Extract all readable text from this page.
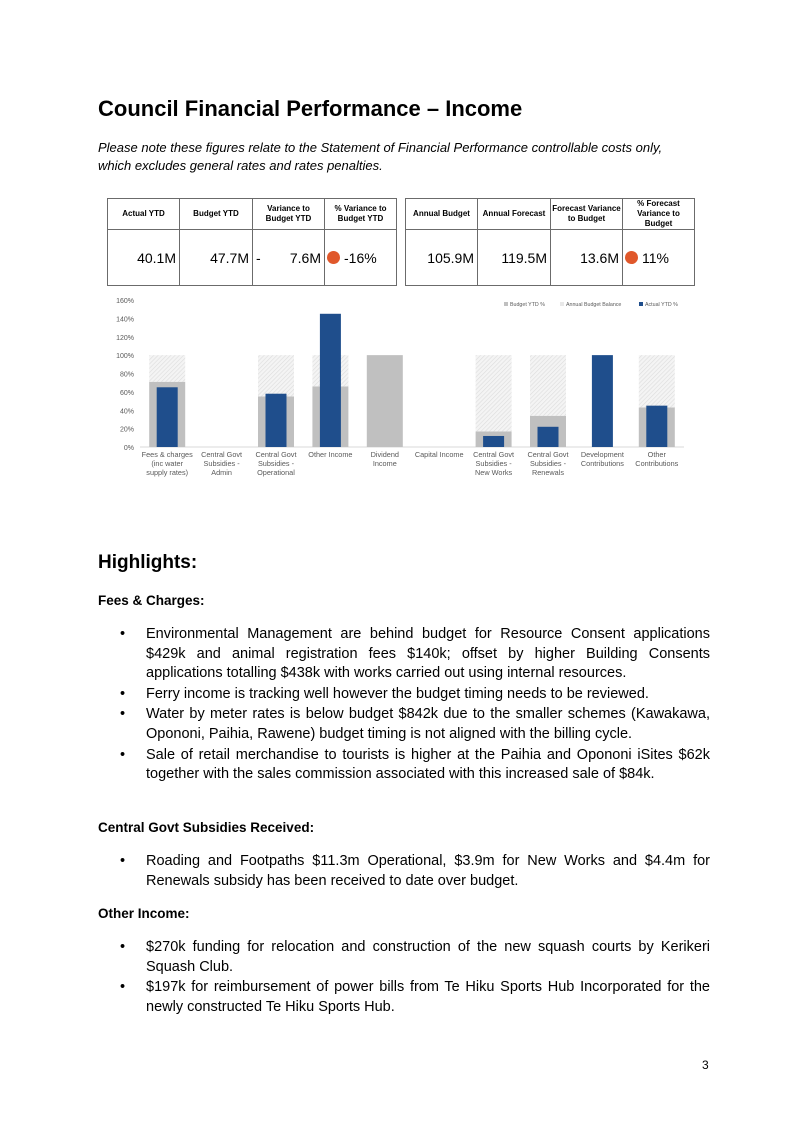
Council Financial Performance – Income
Please note these figures relate to the Statement of Financial Performance controllable costs only, which excludes general rates and rates penalties.
Actual YTD	Budget YTD	Variance to Budget YTD	% Variance to Budget YTD
40.1M	47.7M	- 7.6M	-16%
Annual Budget	Annual Forecast	Forecast Variance to Budget	% Forecast Variance to Budget
105.9M	119.5M	13.6M	11%
0%
20%
40%
60%
80%
100%
120%
140%
160%
Fees & charges
(inc water
supply rates)
Central Govt
Subsidies -
Admin
Central Govt
Subsidies -
Operational
Other Income Dividend
Income
Capital Income Central Govt
Subsidies -
New Works
Central Govt
Subsidies -
Renewals
Development
Contributions
Other
Contributions
Budget YTD %	Annual Budget Balance	Actual YTD %
Highlights:
Fees & Charges:
• Environmental Management are behind budget for Resource Consent applications $429k and animal registration fees $140k; offset by higher Building Consents applications totalling $438k with works carried out using internal resources.
• Ferry income is tracking well however the budget timing needs to be reviewed.
• Water by meter rates is below budget $842k due to the smaller schemes (Kawakawa, Opononi, Paihia, Rawene) budget timing is not aligned with the billing cycle.
• Sale of retail merchandise to tourists is higher at the Paihia and Opononi iSites $62k together with the sales commission associated with this increased sale of $84k.
Central Govt Subsidies Received:
• Roading and Footpaths $11.3m Operational, $3.9m for New Works and $4.4m for Renewals subsidy has been received to date over budget.
Other Income:
• $270k funding for relocation and construction of the new squash courts by Kerikeri Squash Club.
• $197k for reimbursement of power bills from Te Hiku Sports Hub Incorporated for the newly constructed Te Hiku Sports Hub.
3
